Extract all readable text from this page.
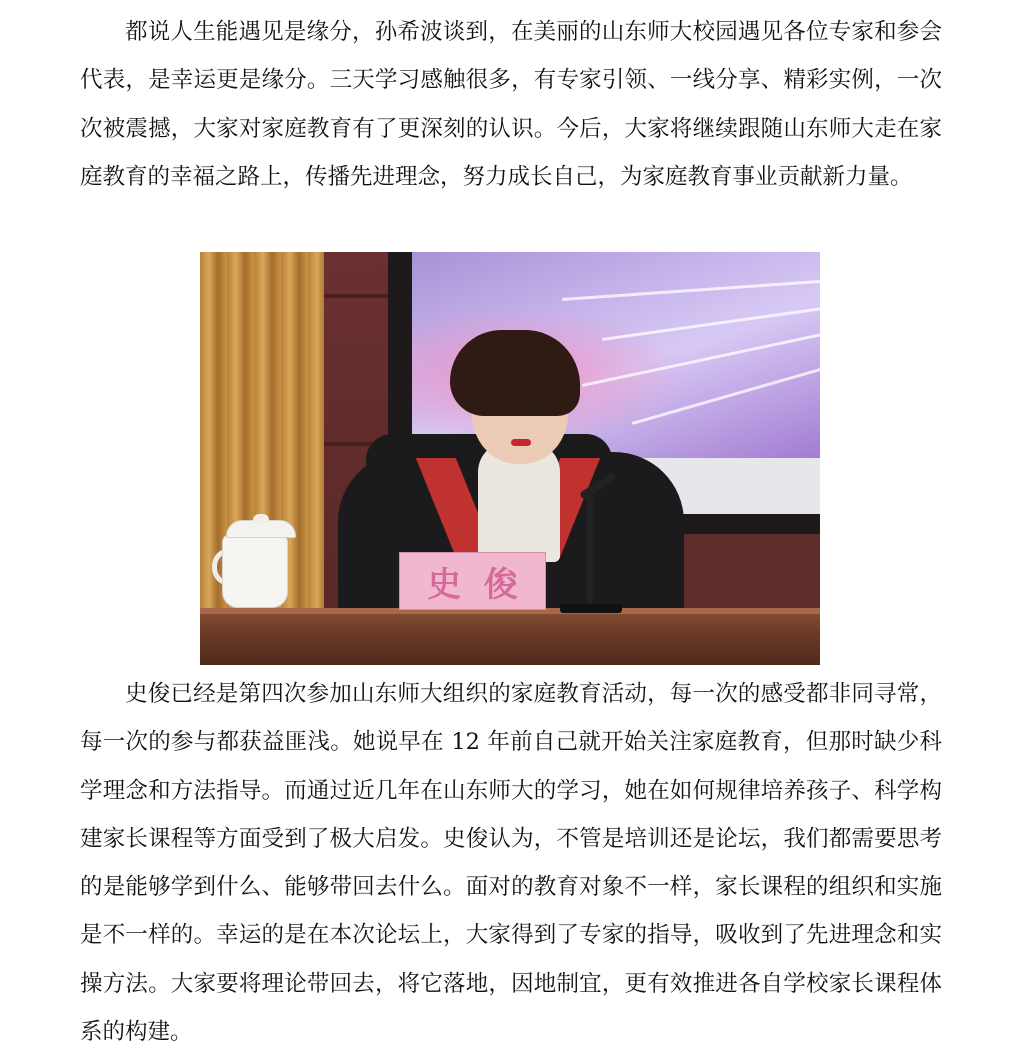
都说人生能遇见是缘分，孙希波谈到，在美丽的山东师大校园遇见各位专家和参会代表，是幸运更是缘分。三天学习感触很多，有专家引领、一线分享、精彩实例，一次次被震撼，大家对家庭教育有了更深刻的认识。今后，大家将继续跟随山东师大走在家庭教育的幸福之路上，传播先进理念，努力成长自己，为家庭教育事业贡献新力量。

史 俊

史俊已经是第四次参加山东师大组织的家庭教育活动，每一次的感受都非同寻常，每一次的参与都获益匪浅。她说早在 12 年前自己就开始关注家庭教育，但那时缺少科学理念和方法指导。而通过近几年在山东师大的学习，她在如何规律培养孩子、科学构建家长课程等方面受到了极大启发。史俊认为，不管是培训还是论坛，我们都需要思考的是能够学到什么、能够带回去什么。面对的教育对象不一样，家长课程的组织和实施是不一样的。幸运的是在本次论坛上，大家得到了专家的指导，吸收到了先进理念和实操方法。大家要将理论带回去，将它落地，因地制宜，更有效推进各自学校家长课程体系的构建。
